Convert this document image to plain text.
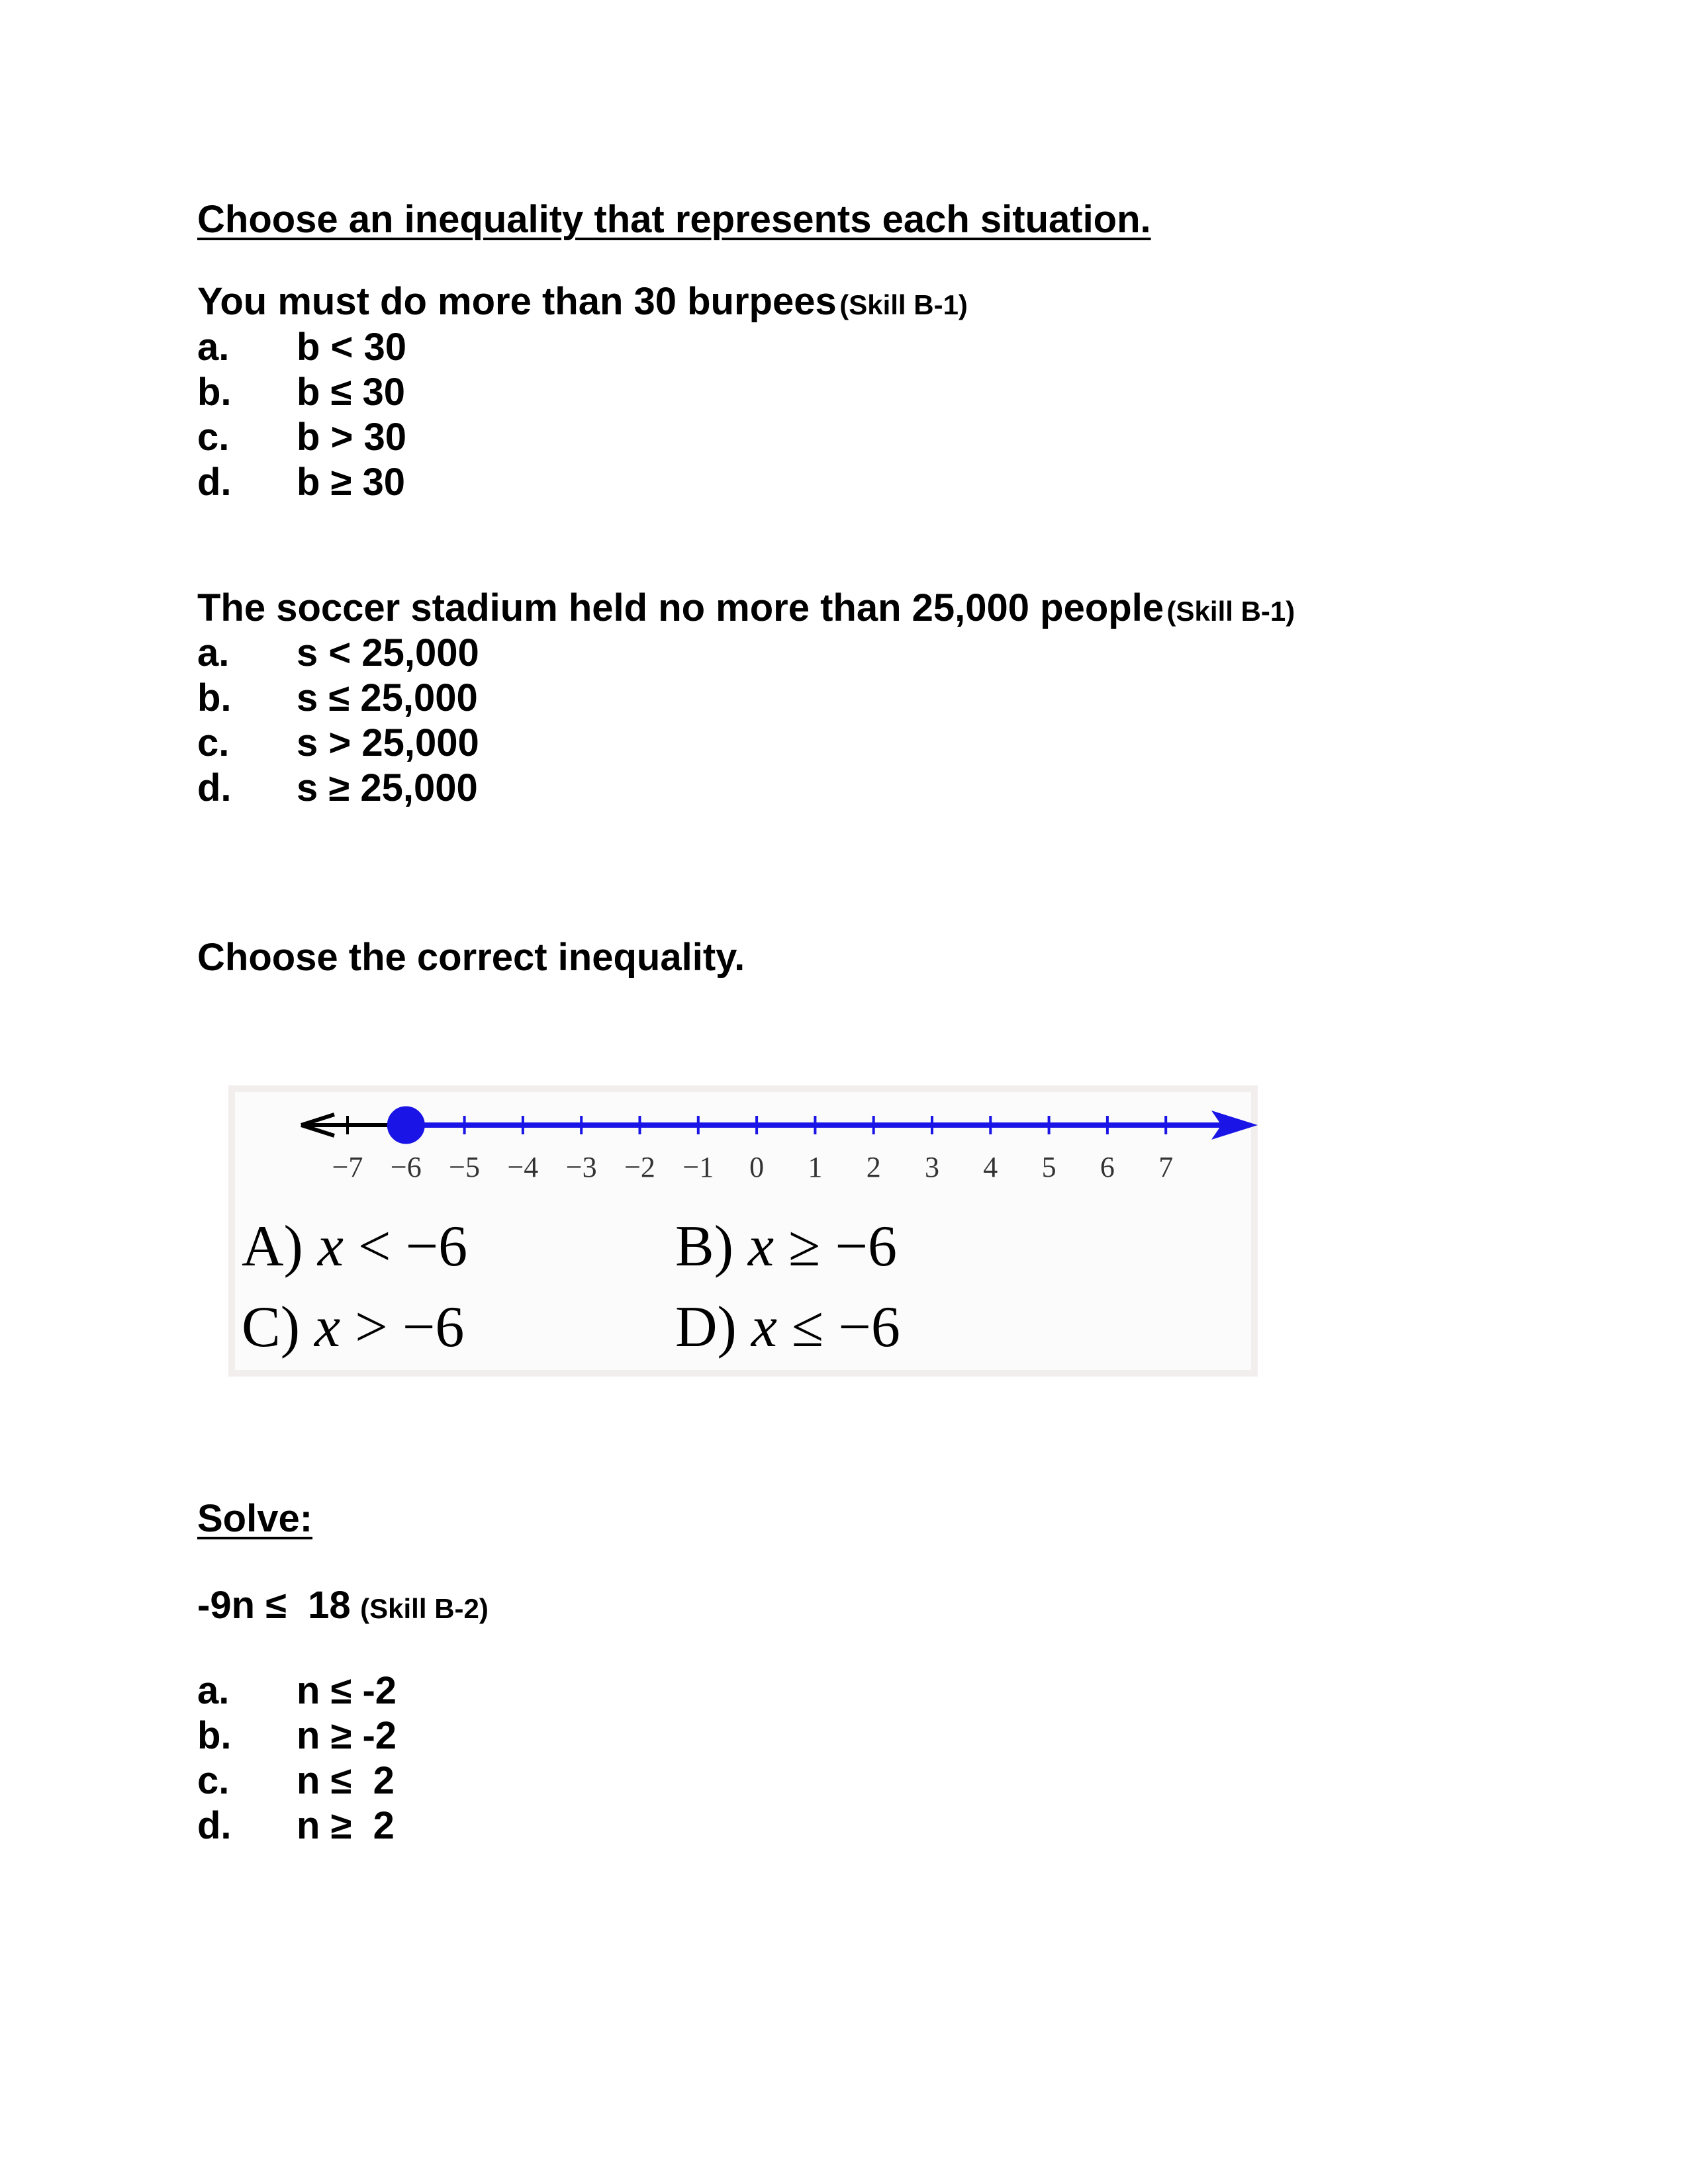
Choose an inequality that represents each situation.
You must do more than 30 burpees (Skill B-1)
a. b < 30
b. b ≤ 30
c. b > 30
d. b ≥ 30
The soccer stadium held no more than 25,000 people (Skill B-1)
a. s < 25,000
b. s ≤ 25,000
c. s > 25,000
d. s ≥ 25,000
Choose the correct inequality.
−7 −6 −5 −4 −3 −2 −1 0 1 2 3 4 5 6 7
A) x < −6	B) x ≥ −6
C) x > −6	D) x ≤ −6
Solve:
-9n ≤  18 (Skill B-2)
a. n ≤ -2
b. n ≥ -2
c. n ≤  2
d. n ≥  2
